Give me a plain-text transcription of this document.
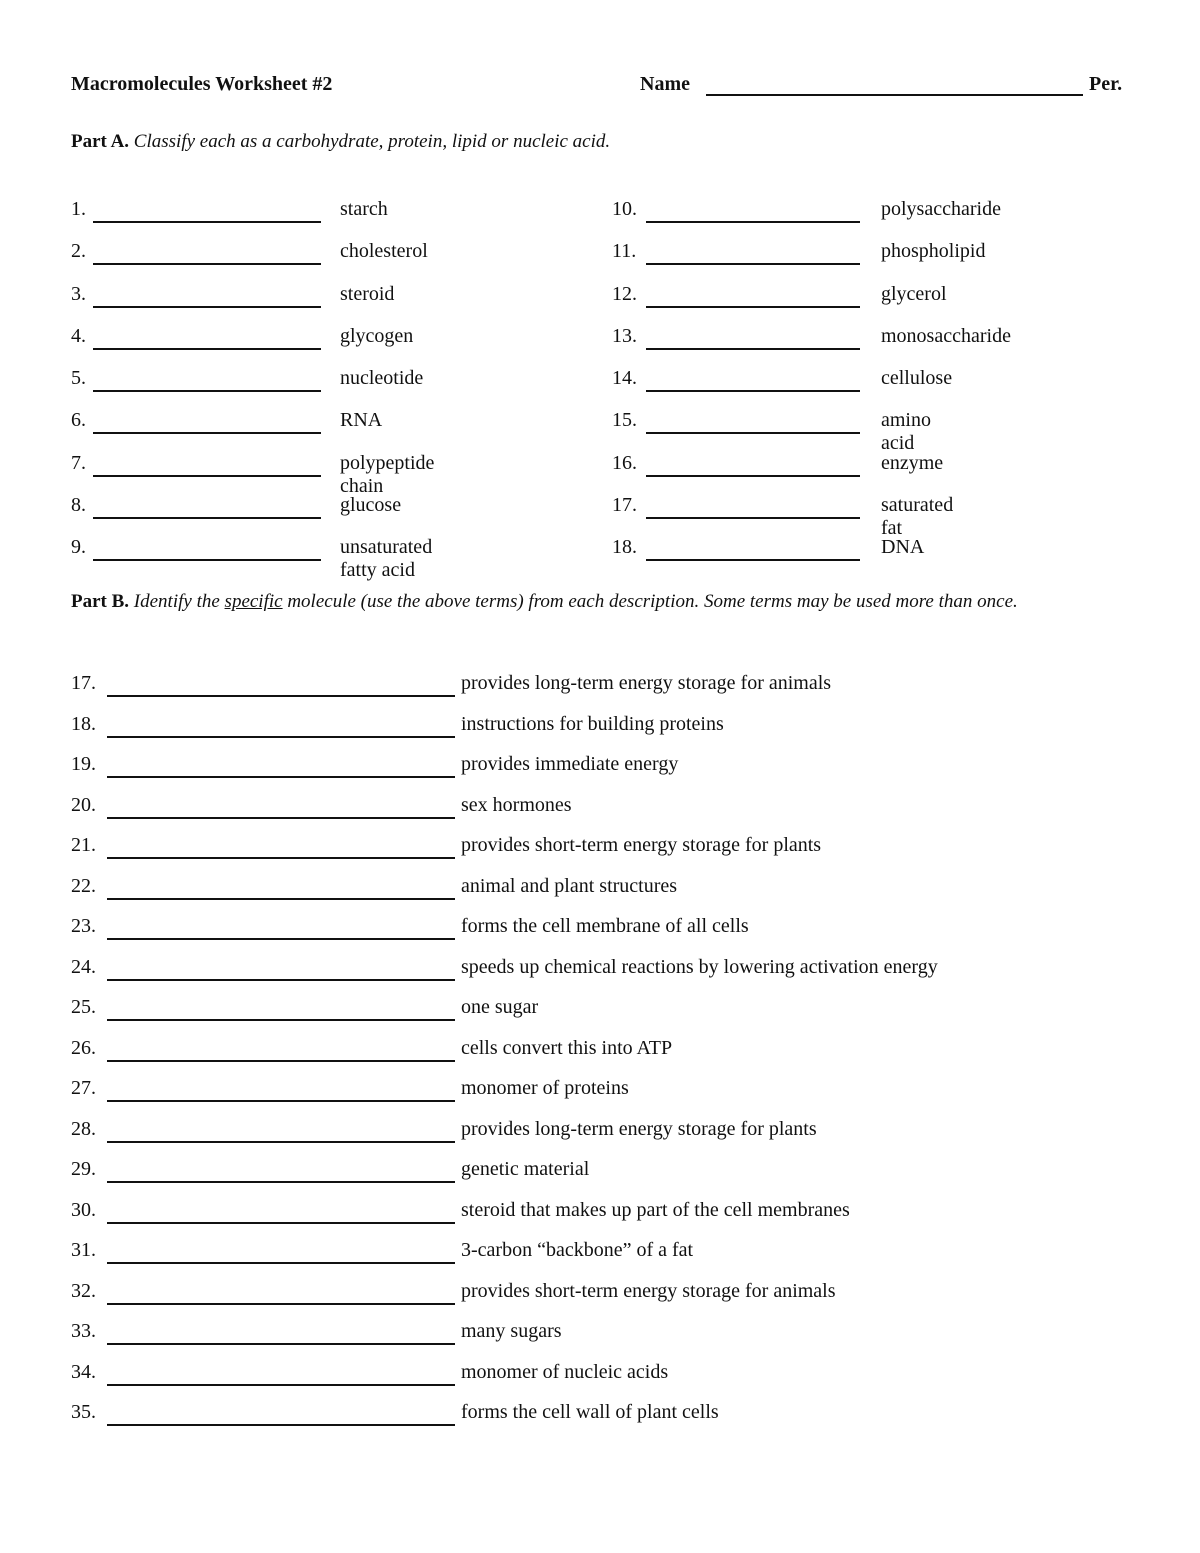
Macromolecules Worksheet #2	Name	Per.
Part A. Classify each as a carbohydrate, protein, lipid or nucleic acid.
1.	starch
2.	cholesterol
3.	steroid
4.	glycogen
5.	nucleotide
6.	RNA
7.	polypeptide chain
8.	glucose
9.	unsaturated fatty acid
10.	polysaccharide
11.	phospholipid
12.	glycerol
13.	monosaccharide
14.	cellulose
15.	amino acid
16.	enzyme
17.	saturated fat
18.	DNA
Part B. Identify the specific molecule (use the above terms) from each description. Some terms may be used more than once.
17.	provides long-term energy storage for animals
18.	instructions for building proteins
19.	provides immediate energy
20.	sex hormones
21.	provides short-term energy storage for plants
22.	animal and plant structures
23.	forms the cell membrane of all cells
24.	speeds up chemical reactions by lowering activation energy
25.	one sugar
26.	cells convert this into ATP
27.	monomer of proteins
28.	provides long-term energy storage for plants
29.	genetic material
30.	steroid that makes up part of the cell membranes
31.	3-carbon “backbone” of a fat
32.	provides short-term energy storage for animals
33.	many sugars
34.	monomer of nucleic acids
35.	forms the cell wall of plant cells
